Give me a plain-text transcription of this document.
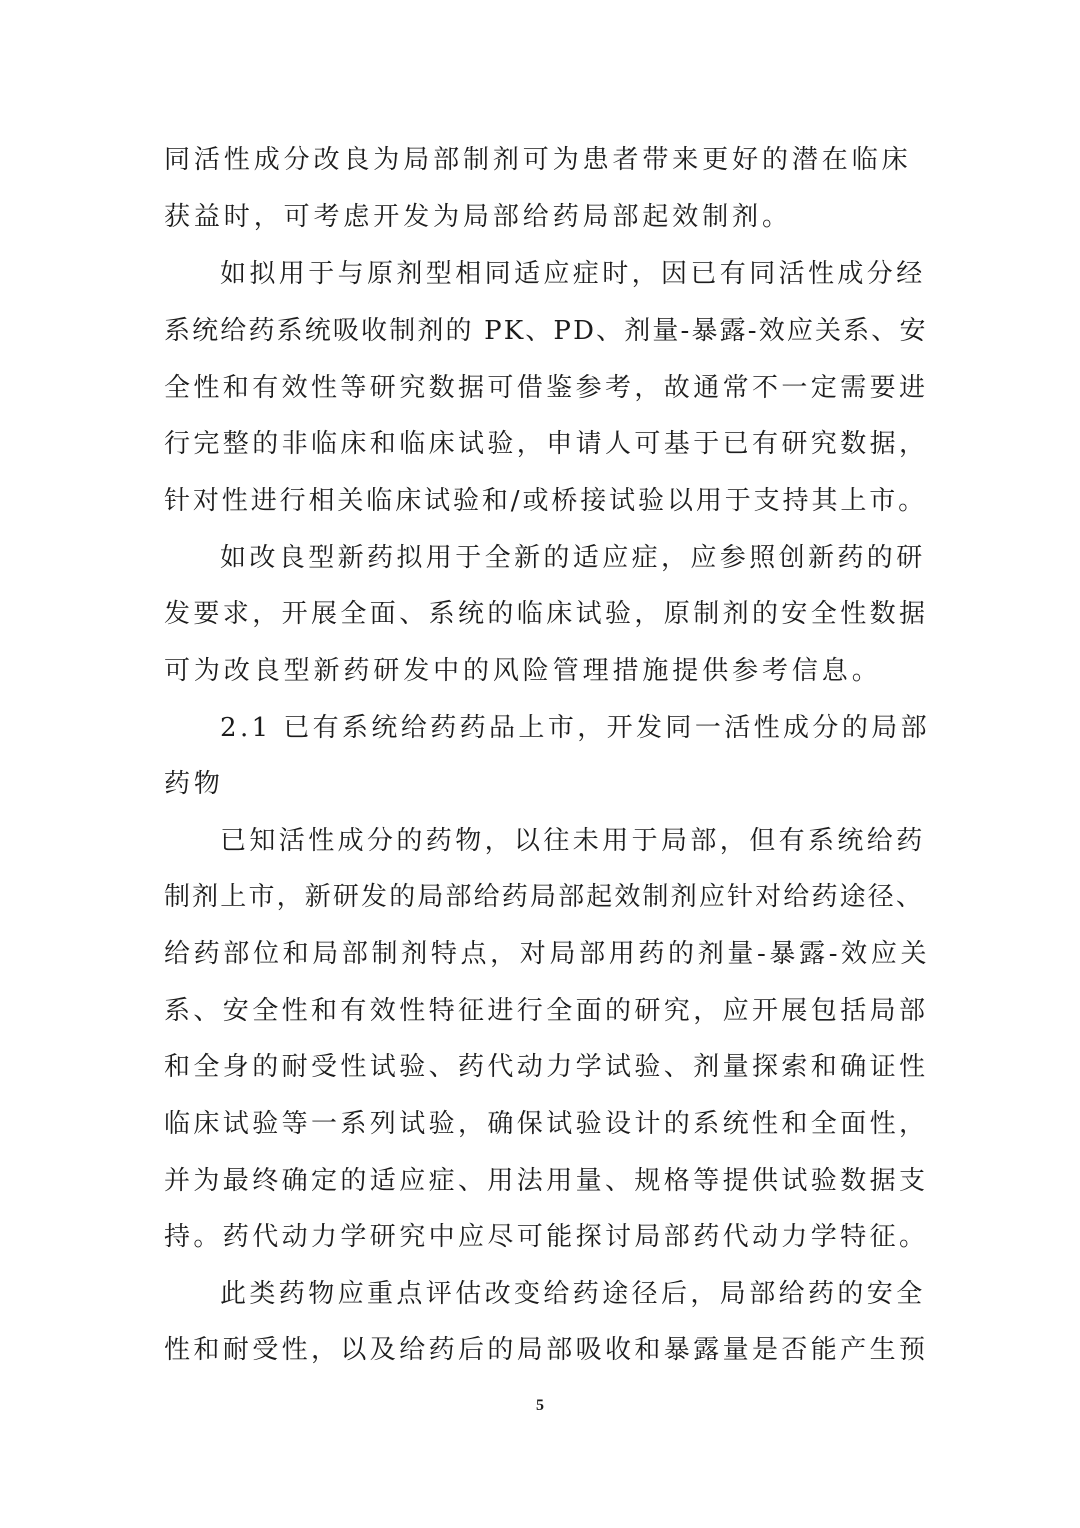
同活性成分改良为局部制剂可为患者带来更好的潜在临床
获益时，可考虑开发为局部给药局部起效制剂。
如拟用于与原剂型相同适应症时，因已有同活性成分经
系统给药系统吸收制剂的 PK、PD、剂量-暴露-效应关系、安
全性和有效性等研究数据可借鉴参考，故通常不一定需要进
行完整的非临床和临床试验，申请人可基于已有研究数据，
针对性进行相关临床试验和/或桥接试验以用于支持其上市。
如改良型新药拟用于全新的适应症，应参照创新药的研
发要求，开展全面、系统的临床试验，原制剂的安全性数据
可为改良型新药研发中的风险管理措施提供参考信息。
2.1 已有系统给药药品上市，开发同一活性成分的局部
药物
已知活性成分的药物，以往未用于局部，但有系统给药
制剂上市，新研发的局部给药局部起效制剂应针对给药途径、
给药部位和局部制剂特点，对局部用药的剂量-暴露-效应关
系、安全性和有效性特征进行全面的研究，应开展包括局部
和全身的耐受性试验、药代动力学试验、剂量探索和确证性
临床试验等一系列试验，确保试验设计的系统性和全面性，
并为最终确定的适应症、用法用量、规格等提供试验数据支
持。药代动力学研究中应尽可能探讨局部药代动力学特征。
此类药物应重点评估改变给药途径后，局部给药的安全
性和耐受性，以及给药后的局部吸收和暴露量是否能产生预
5
